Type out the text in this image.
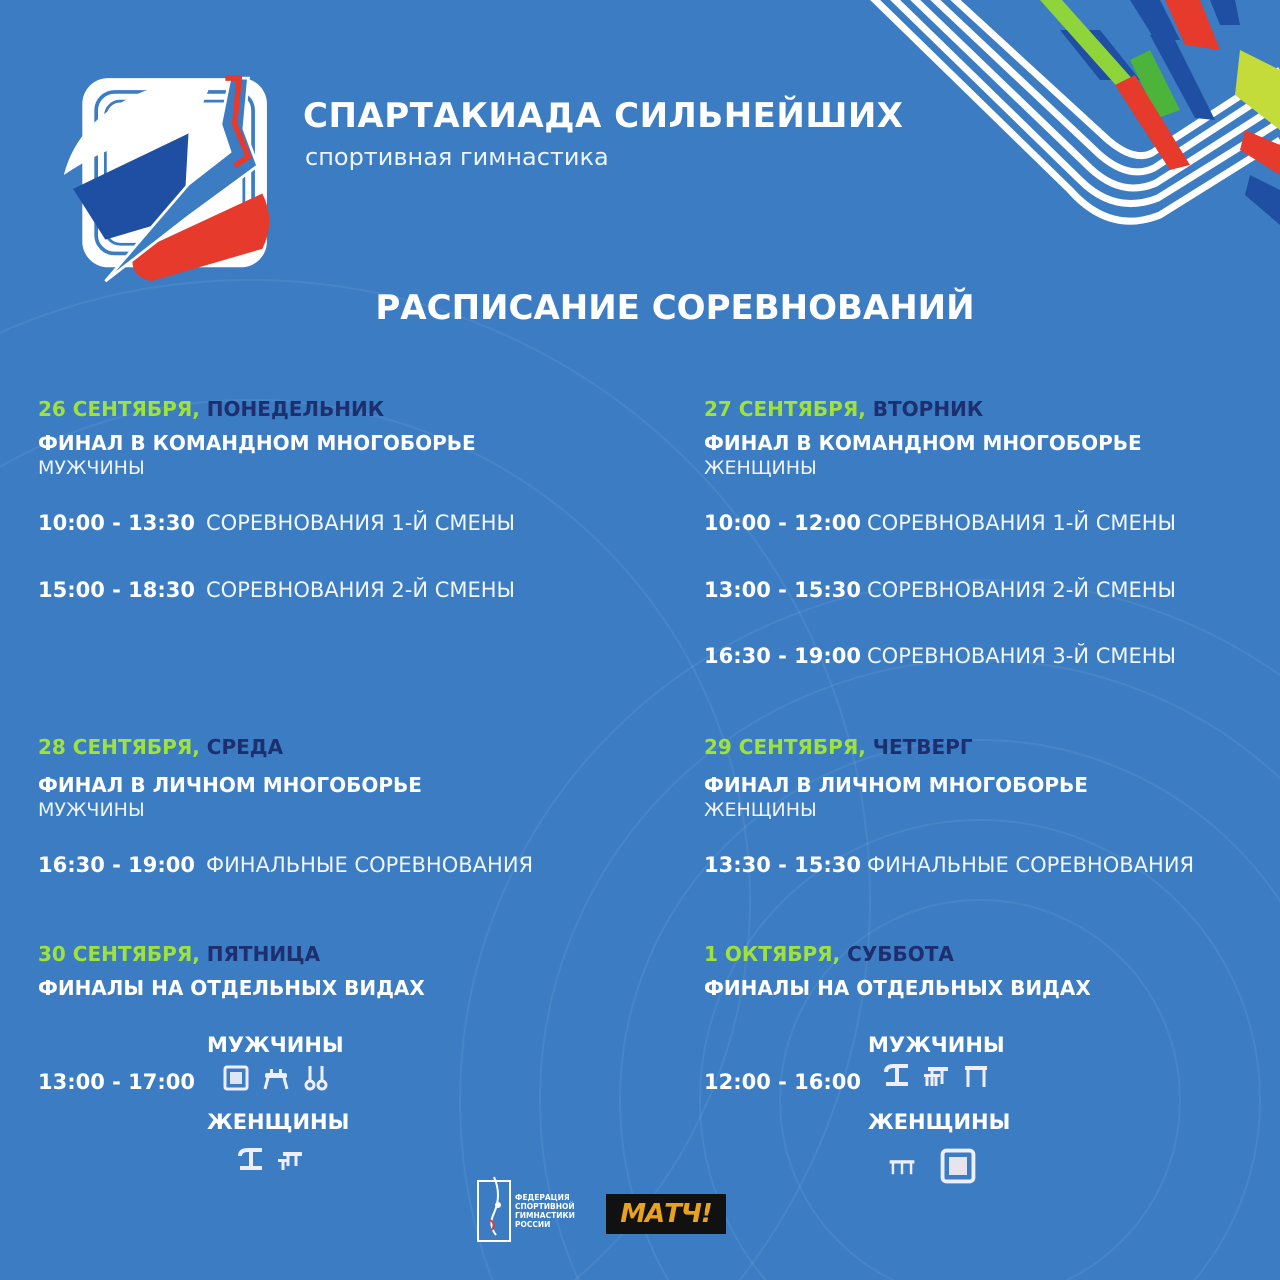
СПАРТАКИАДА СИЛЬНЕЙШИХ
спортивная гимнастика
РАСПИСАНИЕ СОРЕВНОВАНИЙ
26 СЕНТЯБРЯ, ПОНЕДЕЛЬНИК
ФИНАЛ В КОМАНДНОМ МНОГОБОРЬЕ
МУЖЧИНЫ
10:00 - 13:30 СОРЕВНОВАНИЯ 1-Й СМЕНЫ
15:00 - 18:30 СОРЕВНОВАНИЯ 2-Й СМЕНЫ
27 СЕНТЯБРЯ, ВТОРНИК
ФИНАЛ В КОМАНДНОМ МНОГОБОРЬЕ
ЖЕНЩИНЫ
10:00 - 12:00 СОРЕВНОВАНИЯ 1-Й СМЕНЫ
13:00 - 15:30 СОРЕВНОВАНИЯ 2-Й СМЕНЫ
16:30 - 19:00 СОРЕВНОВАНИЯ 3-Й СМЕНЫ
28 СЕНТЯБРЯ, СРЕДА
ФИНАЛ В ЛИЧНОМ МНОГОБОРЬЕ
МУЖЧИНЫ
16:30 - 19:00 ФИНАЛЬНЫЕ СОРЕВНОВАНИЯ
29 СЕНТЯБРЯ, ЧЕТВЕРГ
ФИНАЛ В ЛИЧНОМ МНОГОБОРЬЕ
ЖЕНЩИНЫ
13:30 - 15:30 ФИНАЛЬНЫЕ СОРЕВНОВАНИЯ
30 СЕНТЯБРЯ, ПЯТНИЦА
ФИНАЛЫ НА ОТДЕЛЬНЫХ ВИДАХ
13:00 - 17:00
МУЖЧИНЫ
ЖЕНЩИНЫ
1 ОКТЯБРЯ, СУББОТА
ФИНАЛЫ НА ОТДЕЛЬНЫХ ВИДАХ
12:00 - 16:00
МУЖЧИНЫ
ЖЕНЩИНЫ
ФЕДЕРАЦИЯ
СПОРТИВНОЙ
ГИМНАСТИКИ
РОССИИ	МАТЧ!
